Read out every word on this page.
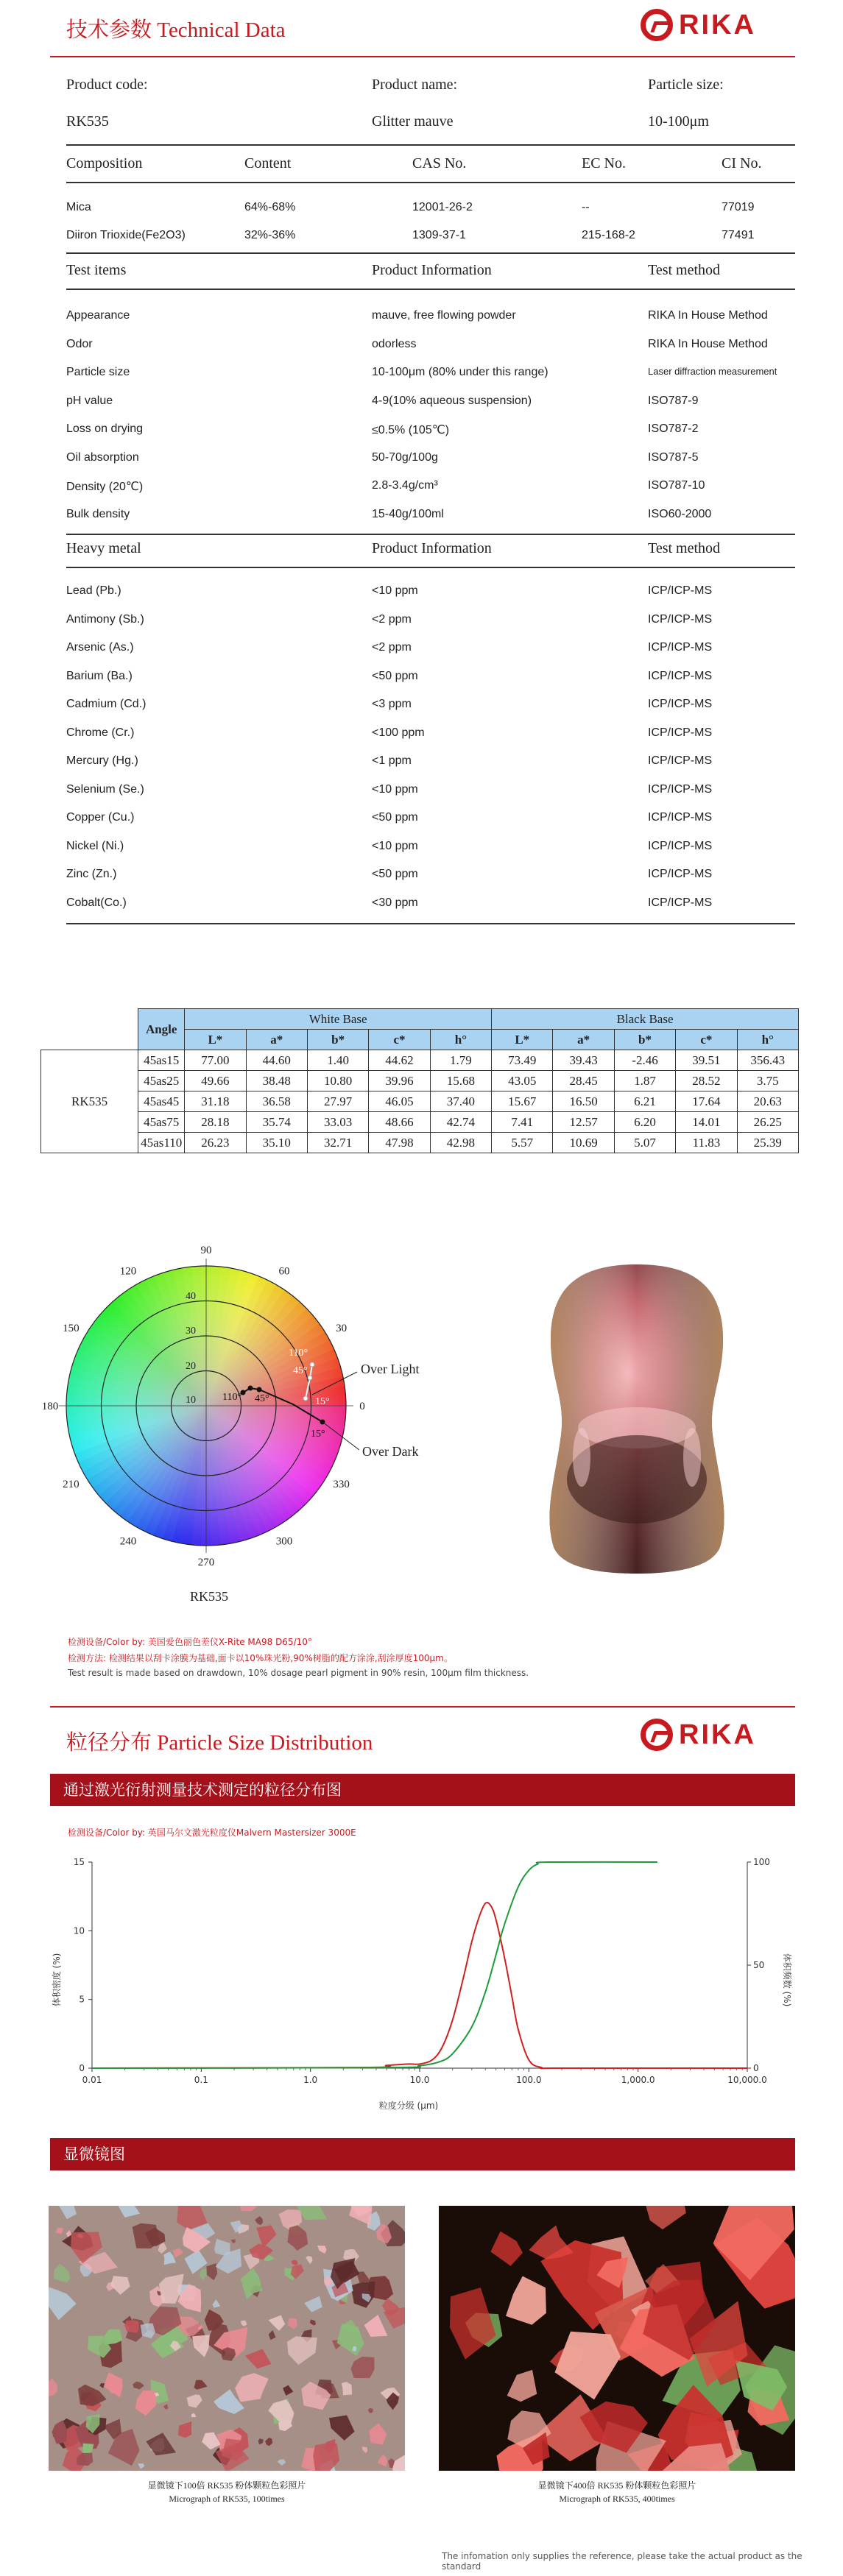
技术参数 Technical Data	RIKA
Product code:	Product name:	Particle size:
RK535	Glitter mauve	10-100μm
Composition	Content	CAS No.	EC No.	CI No.
Mica	64%-68%	12001-26-2	--	77019
Diiron Trioxide(Fe2O3)	32%-36%	1309-37-1	215-168-2	77491
Test items	Product Information	Test method
Appearance	mauve, free flowing powder	RIKA In House Method
Odor	odorless	RIKA In House Method
Particle size	10-100μm (80% under this range)	Laser diffraction measurement
pH value	4-9(10% aqueous suspension)	ISO787-9
Loss on drying	≤0.5% (105℃)	ISO787-2
Oil absorption	50-70g/100g	ISO787-5
Density (20℃)	2.8-3.4g/cm³	ISO787-10
Bulk density	15-40g/100ml	ISO60-2000
Heavy metal	Product Information	Test method
Lead (Pb.)	<10 ppm	ICP/ICP-MS
Antimony (Sb.)	<2 ppm	ICP/ICP-MS
Arsenic (As.)	<2 ppm	ICP/ICP-MS
Barium (Ba.)	<50 ppm	ICP/ICP-MS
Cadmium (Cd.)	<3 ppm	ICP/ICP-MS
Chrome (Cr.)	<100 ppm	ICP/ICP-MS
Mercury (Hg.)	<1 ppm	ICP/ICP-MS
Selenium (Se.)	<10 ppm	ICP/ICP-MS
Copper (Cu.)	<50 ppm	ICP/ICP-MS
Nickel (Ni.)	<10 ppm	ICP/ICP-MS
Zinc (Zn.)	<50 ppm	ICP/ICP-MS
Cobalt(Co.)	<30 ppm	ICP/ICP-MS
	Angle	White Base					Black Base				
		L*	a*	b*	c*	h°	L*	a*	b*	c*	h°
RK535	45as15	77.00	44.60	1.40	44.62	1.79	73.49	39.43	-2.46	39.51	356.43
	45as25	49.66	38.48	10.80	39.96	15.68	43.05	28.45	1.87	28.52	3.75
	45as45	31.18	36.58	27.97	46.05	37.40	15.67	16.50	6.21	17.64	20.63
	45as75	28.18	35.74	33.03	48.66	42.74	7.41	12.57	6.20	14.01	26.25
	45as110	26.23	35.10	32.71	47.98	42.98	5.57	10.69	5.07	11.83	25.39
90
60
30
0
330
300
270
240
210
180
150
120
10
20
30
40
110°
45°
15°
110° 45°
15°
Over Light
Over Dark
RK535
检测设备/Color by: 美国爱色丽色差仪X-Rite MA98 D65/10°
检测方法: 检测结果以刮卡涂膜为基础,面卡以10%珠光粉,90%树脂的配方涂涂,刮涂厚度100μm。
Test result is made based on drawdown, 10% dosage pearl pigment in 90% resin, 100μm film thickness.
粒径分布 Particle Size Distribution	RIKA
通过激光衍射测量技术测定的粒径分布图
检测设备/Color by: 英国马尔文激光粒度仪Malvern Mastersizer 3000E
0.01	0.1	1.0	10.0	100.0	1,000.0	10,000.0
0
5
10
15
0
50
100
粒度分级 (μm)
体积密度 (%)	体积频数 (%)
显微镜图
显微镜下100倍 RK535 粉体颗粒色彩照片
Micrograph of RK535, 100times
显微镜下400倍 RK535 粉体颗粒色彩照片
Micrograph of RK535, 400times
The infomation only supplies the reference, please take the actual product as the standard
